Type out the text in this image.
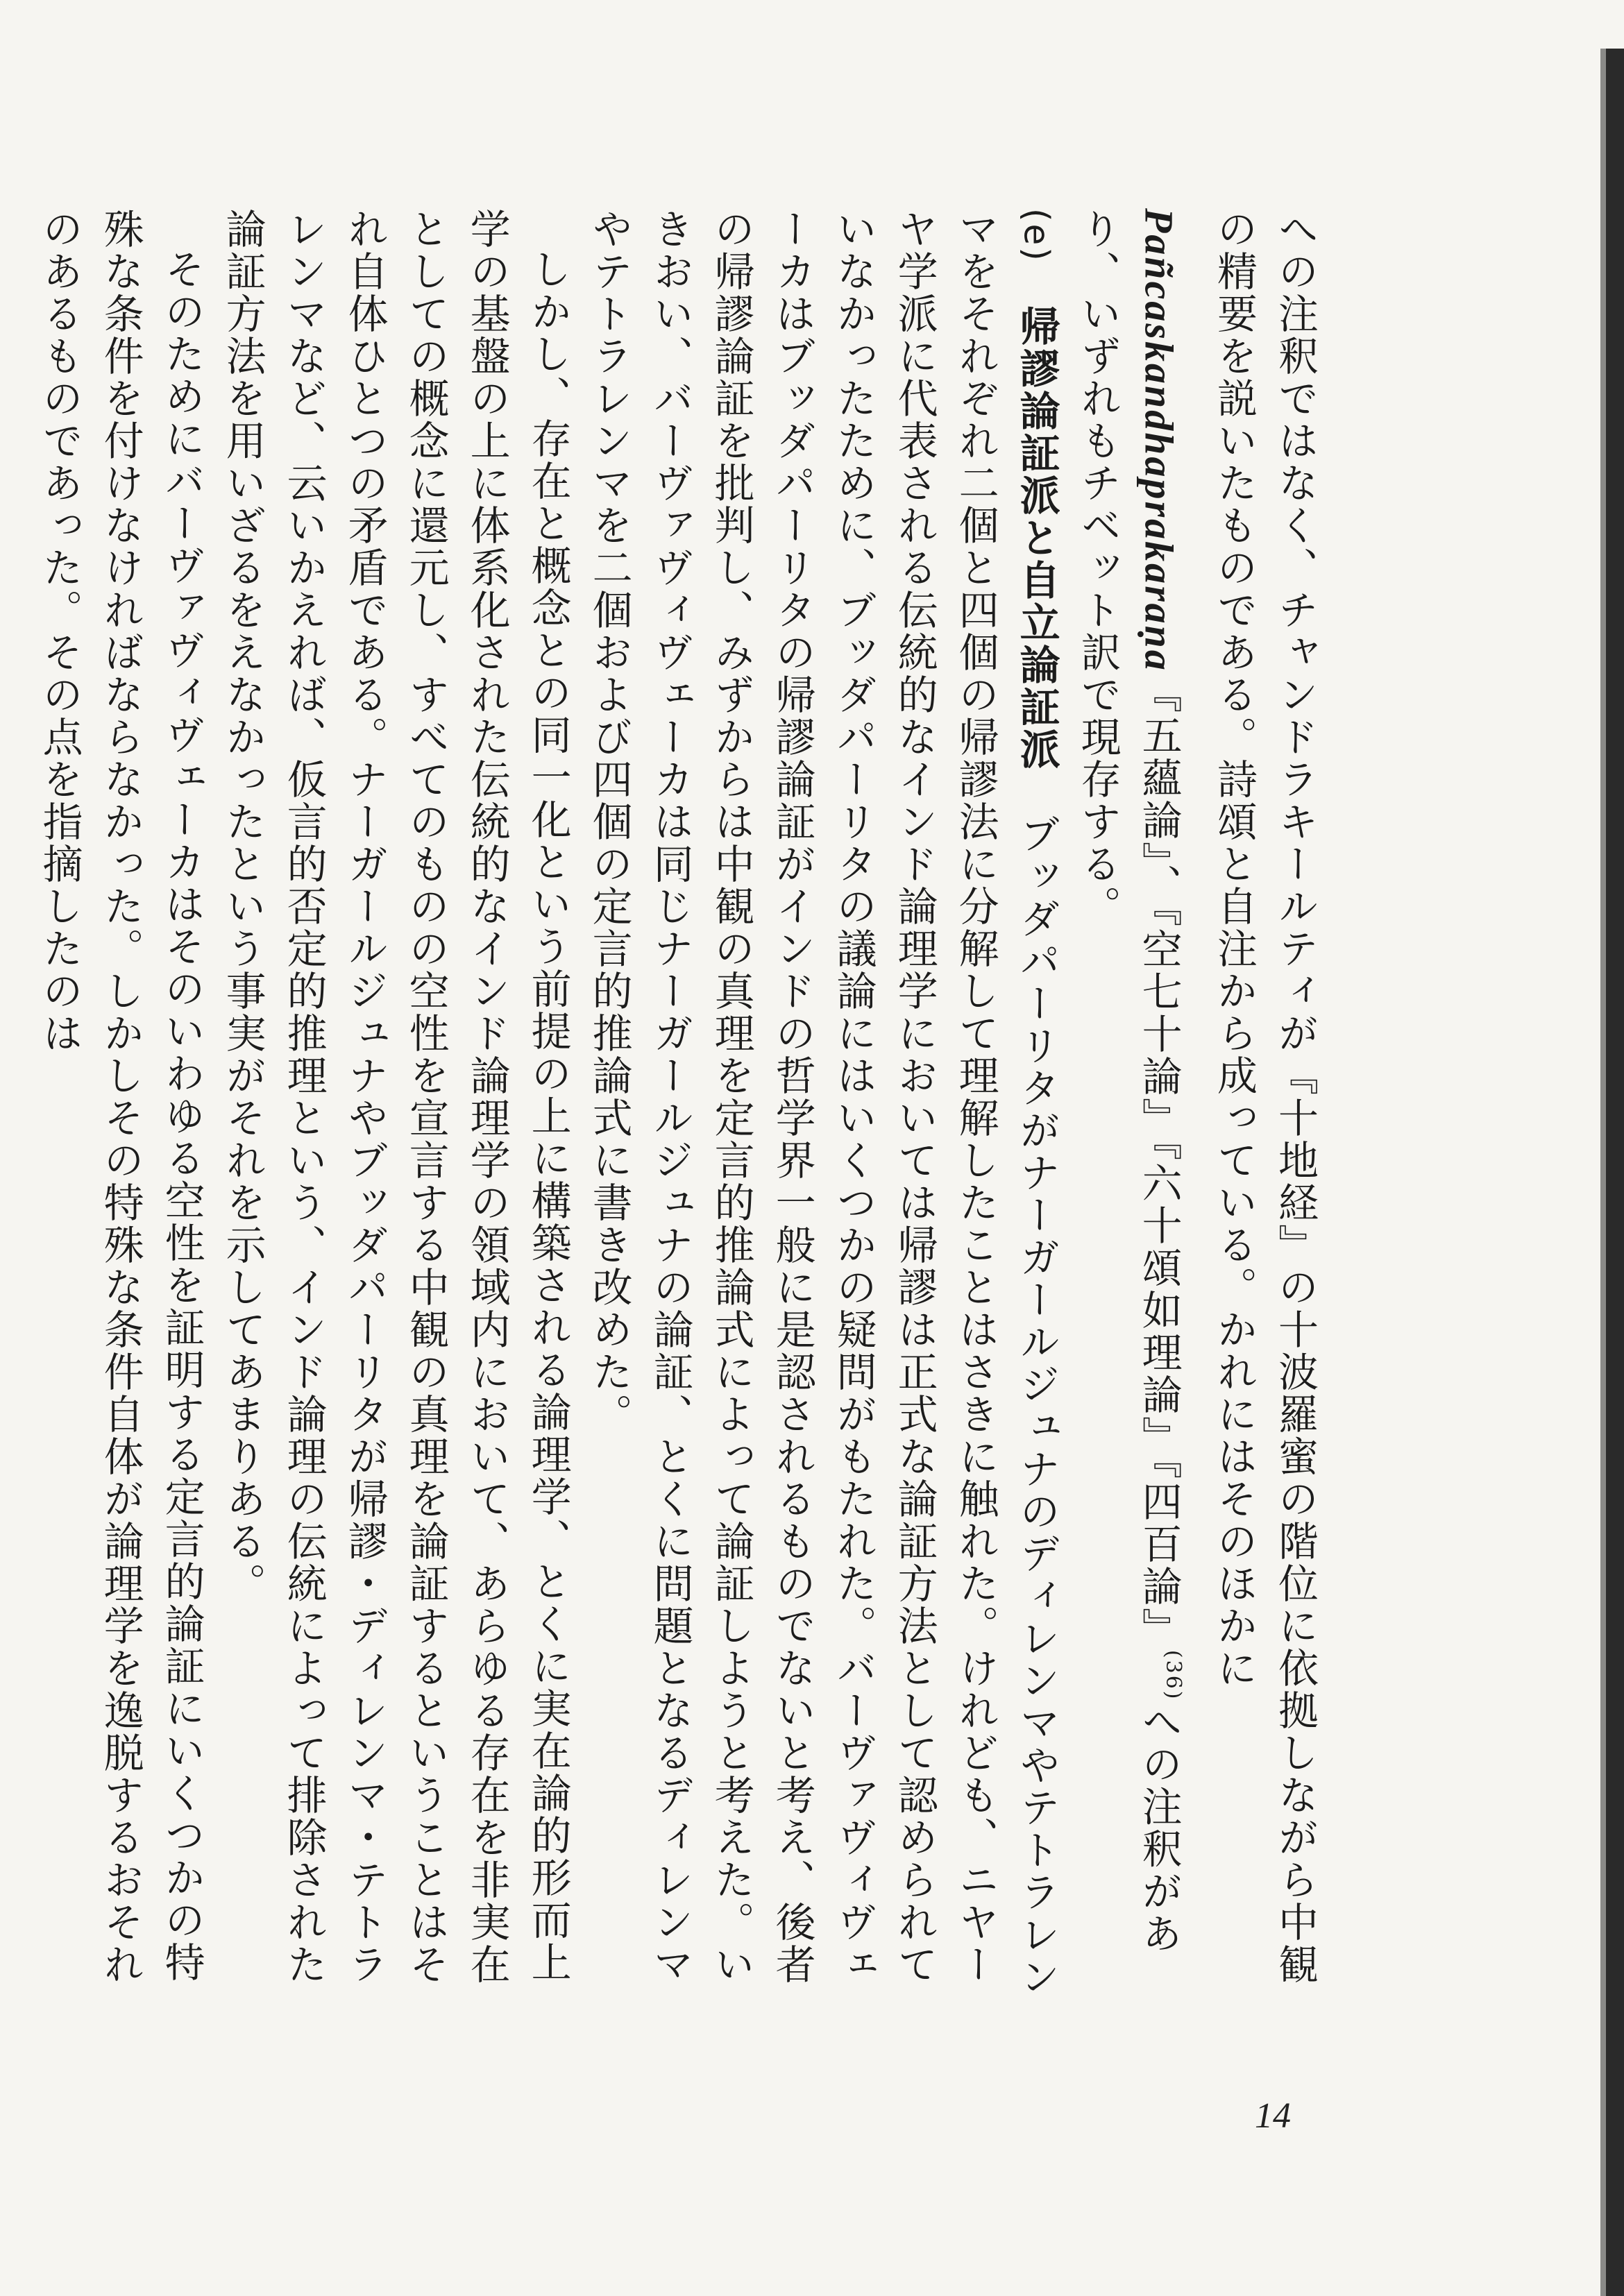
への注釈ではなく、チャンドラキールティが『十地経』の十波羅蜜の階位に依拠しながら中観の精要を説いたものである。詩頌と自注から成っている。かれにはそのほかにPañcaskandhaprakaraṇa『五蘊論』、『空七十論』『六十頌如理論』『四百論』$^{(36)}$への注釈があり、いずれもチベット訳で現存する。

(e)　帰謬論証派と自立論証派　ブッダパーリタがナーガールジュナのディレンマやテトラレンマをそれぞれ二個と四個の帰謬法に分解して理解したことはさきに触れた。けれども、ニヤーヤ学派に代表される伝統的なインド論理学においては帰謬は正式な論証方法として認められていなかったために、ブッダパーリタの議論にはいくつかの疑問がもたれた。バーヴァヴィヴェーカはブッダパーリタの帰謬論証がインドの哲学界一般に是認されるものでないと考え、後者の帰謬論証を批判し、みずからは中観の真理を定言的推論式によって論証しようと考えた。いきおい、バーヴァヴィヴェーカは同じナーガールジュナの論証、とくに問題となるディレンマやテトラレンマを二個および四個の定言的推論式に書き改めた。

しかし、存在と概念との同一化という前提の上に構築される論理学、とくに実在論的形而上学の基盤の上に体系化された伝統的なインド論理学の領域内において、あらゆる存在を非実在としての概念に還元し、すべてのものの空性を宣言する中観の真理を論証するということはそれ自体ひとつの矛盾である。ナーガールジュナやブッダパーリタが帰謬・ディレンマ・テトラレンマなど、云いかえれば、仮言的否定的推理という、インド論理の伝統によって排除された論証方法を用いざるをえなかったという事実がそれを示してあまりある。

そのためにバーヴァヴィヴェーカはそのいわゆる空性を証明する定言的論証にいくつかの特殊な条件を付けなければならなかった。しかしその特殊な条件自体が論理学を逸脱するおそれのあるものであった。その点を指摘したのは

14
